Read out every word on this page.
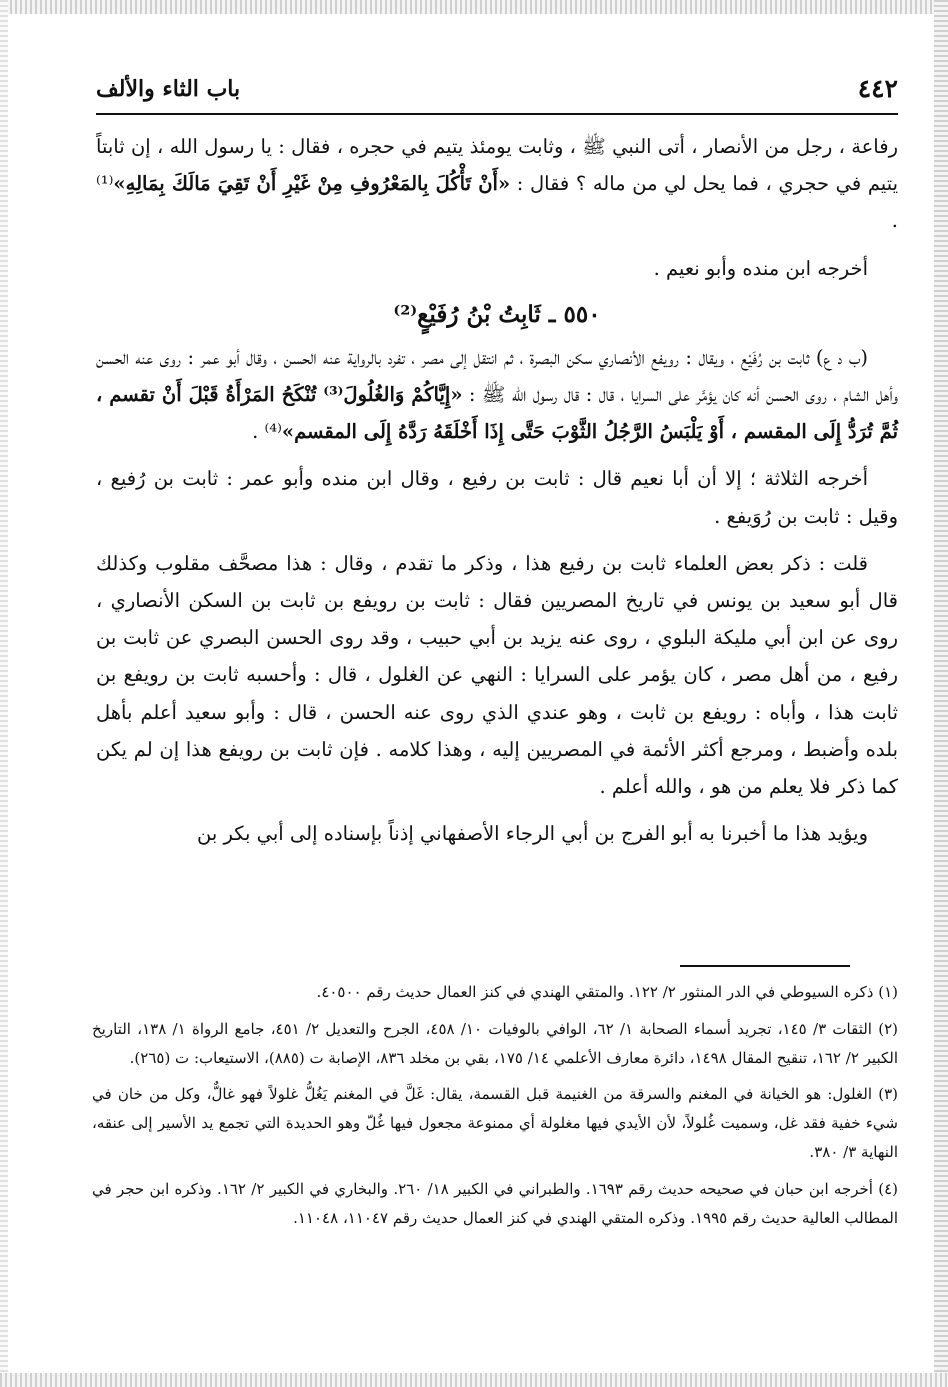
٤٤٢
باب الثاء والألف

رفاعة ، رجل من الأنصار ، أتى النبي ﷺ ، وثابت يومئذ يتيم في حجره ، فقال : يا رسول الله ، إن ثابتاً يتيم في حجري ، فما يحل لي من ماله ؟ فقال : «أَنْ تَأْكُلَ بِالمَعْرُوفِ مِنْ غَيْرِ أَنْ تَقِيَ مَالَكَ بِمَالِهِ»⁽¹⁾ .

أخرجه ابن منده وأبو نعيم .

٥٥٠ ـ ثَابِتُ بْنُ رُفَيْعٍ⁽²⁾

(ب د ع) ثابت بن رُفَيْع ، ويقال : رويفع الأنصاري سكن البصرة ، ثم انتقل إلى مصر ، تفرد بالرواية عنه الحسن ، وقال أبو عمر : روى عنه الحسن وأهل الشام ، روى الحسن أنه كان يؤمَّر على السرايا ، قال : قال رسول الله ﷺ : «إِيَّاكُمْ وَالغُلُولَ⁽³⁾ تُنْكَحُ المَرْأَةُ قَبْلَ أَنْ تقسم ، ثُمَّ تُرَدُّ إِلَى المقسم ، أَوْ يَلْبَسُ الرَّجُلُ الثَّوْبَ حَتَّى إِذَا أَخْلَقَهُ رَدَّهُ إِلَى المقسم»⁽⁴⁾ .

أخرجه الثلاثة ؛ إلا أن أبا نعيم قال : ثابت بن رفيع ، وقال ابن منده وأبو عمر : ثابت بن رُفيع ، وقيل : ثابت بن رُوَيفع .

قلت : ذكر بعض العلماء ثابت بن رفيع هذا ، وذكر ما تقدم ، وقال : هذا مصحَّف مقلوب وكذلك قال أبو سعيد بن يونس في تاريخ المصريين فقال : ثابت بن رويفع بن ثابت بن السكن الأنصاري ، روى عن ابن أبي مليكة البلوي ، روى عنه يزيد بن أبي حبيب ، وقد روى الحسن البصري عن ثابت بن رفيع ، من أهل مصر ، كان يؤمر على السرايا : النهي عن الغلول ، قال : وأحسبه ثابت بن رويفع بن ثابت هذا ، وأباه : رويفع بن ثابت ، وهو عندي الذي روى عنه الحسن ، قال : وأبو سعيد أعلم بأهل بلده وأضبط ، ومرجع أكثر الأئمة في المصريين إليه ، وهذا كلامه . فإن ثابت بن رويفع هذا إن لم يكن كما ذكر فلا يعلم من هو ، والله أعلم .

ويؤيد هذا ما أخبرنا به أبو الفرج بن أبي الرجاء الأصفهاني إذناً بإسناده إلى أبي بكر بن

(١) ذكره السيوطي في الدر المنثور ٢/ ١٢٢. والمتقي الهندي في كنز العمال حديث رقم ٤٠٥٠٠.

(٢) الثقات ٣/ ١٤٥، تجريد أسماء الصحابة ١/ ٦٢، الوافي بالوفيات ١٠/ ٤٥٨، الجرح والتعديل ٢/ ٤٥١، جامع الرواة ١/ ١٣٨، التاريخ الكبير ٢/ ١٦٢، تنقيح المقال ١٤٩٨، دائرة معارف الأعلمي ١٤/ ١٧٥، بقي بن مخلد ٨٣٦، الإصابة ت (٨٨٥)، الاستيعاب: ت (٢٦٥).

(٣) الغلول: هو الخيانة في المغنم والسرقة من الغنيمة قبل القسمة، يقال: غَلَّ في المغنم يَغُلُّ غلولاً فهو غالٌّ، وكل من خان في شيء خفية فقد غل، وسميت غُلولاً، لأن الأيدي فيها مغلولة أي ممنوعة مجعول فيها غُلّ وهو الحديدة التي تجمع يد الأسير إلى عنقه، النهاية ٣/ ٣٨٠.

(٤) أخرجه ابن حبان في صحيحه حديث رقم ١٦٩٣. والطبراني في الكبير ١٨/ ٢٦٠. والبخاري في الكبير ٢/ ١٦٢. وذكره ابن حجر في المطالب العالية حديث رقم ١٩٩٥. وذكره المتقي الهندي في كنز العمال حديث رقم ١١٠٤٧، ١١٠٤٨.
